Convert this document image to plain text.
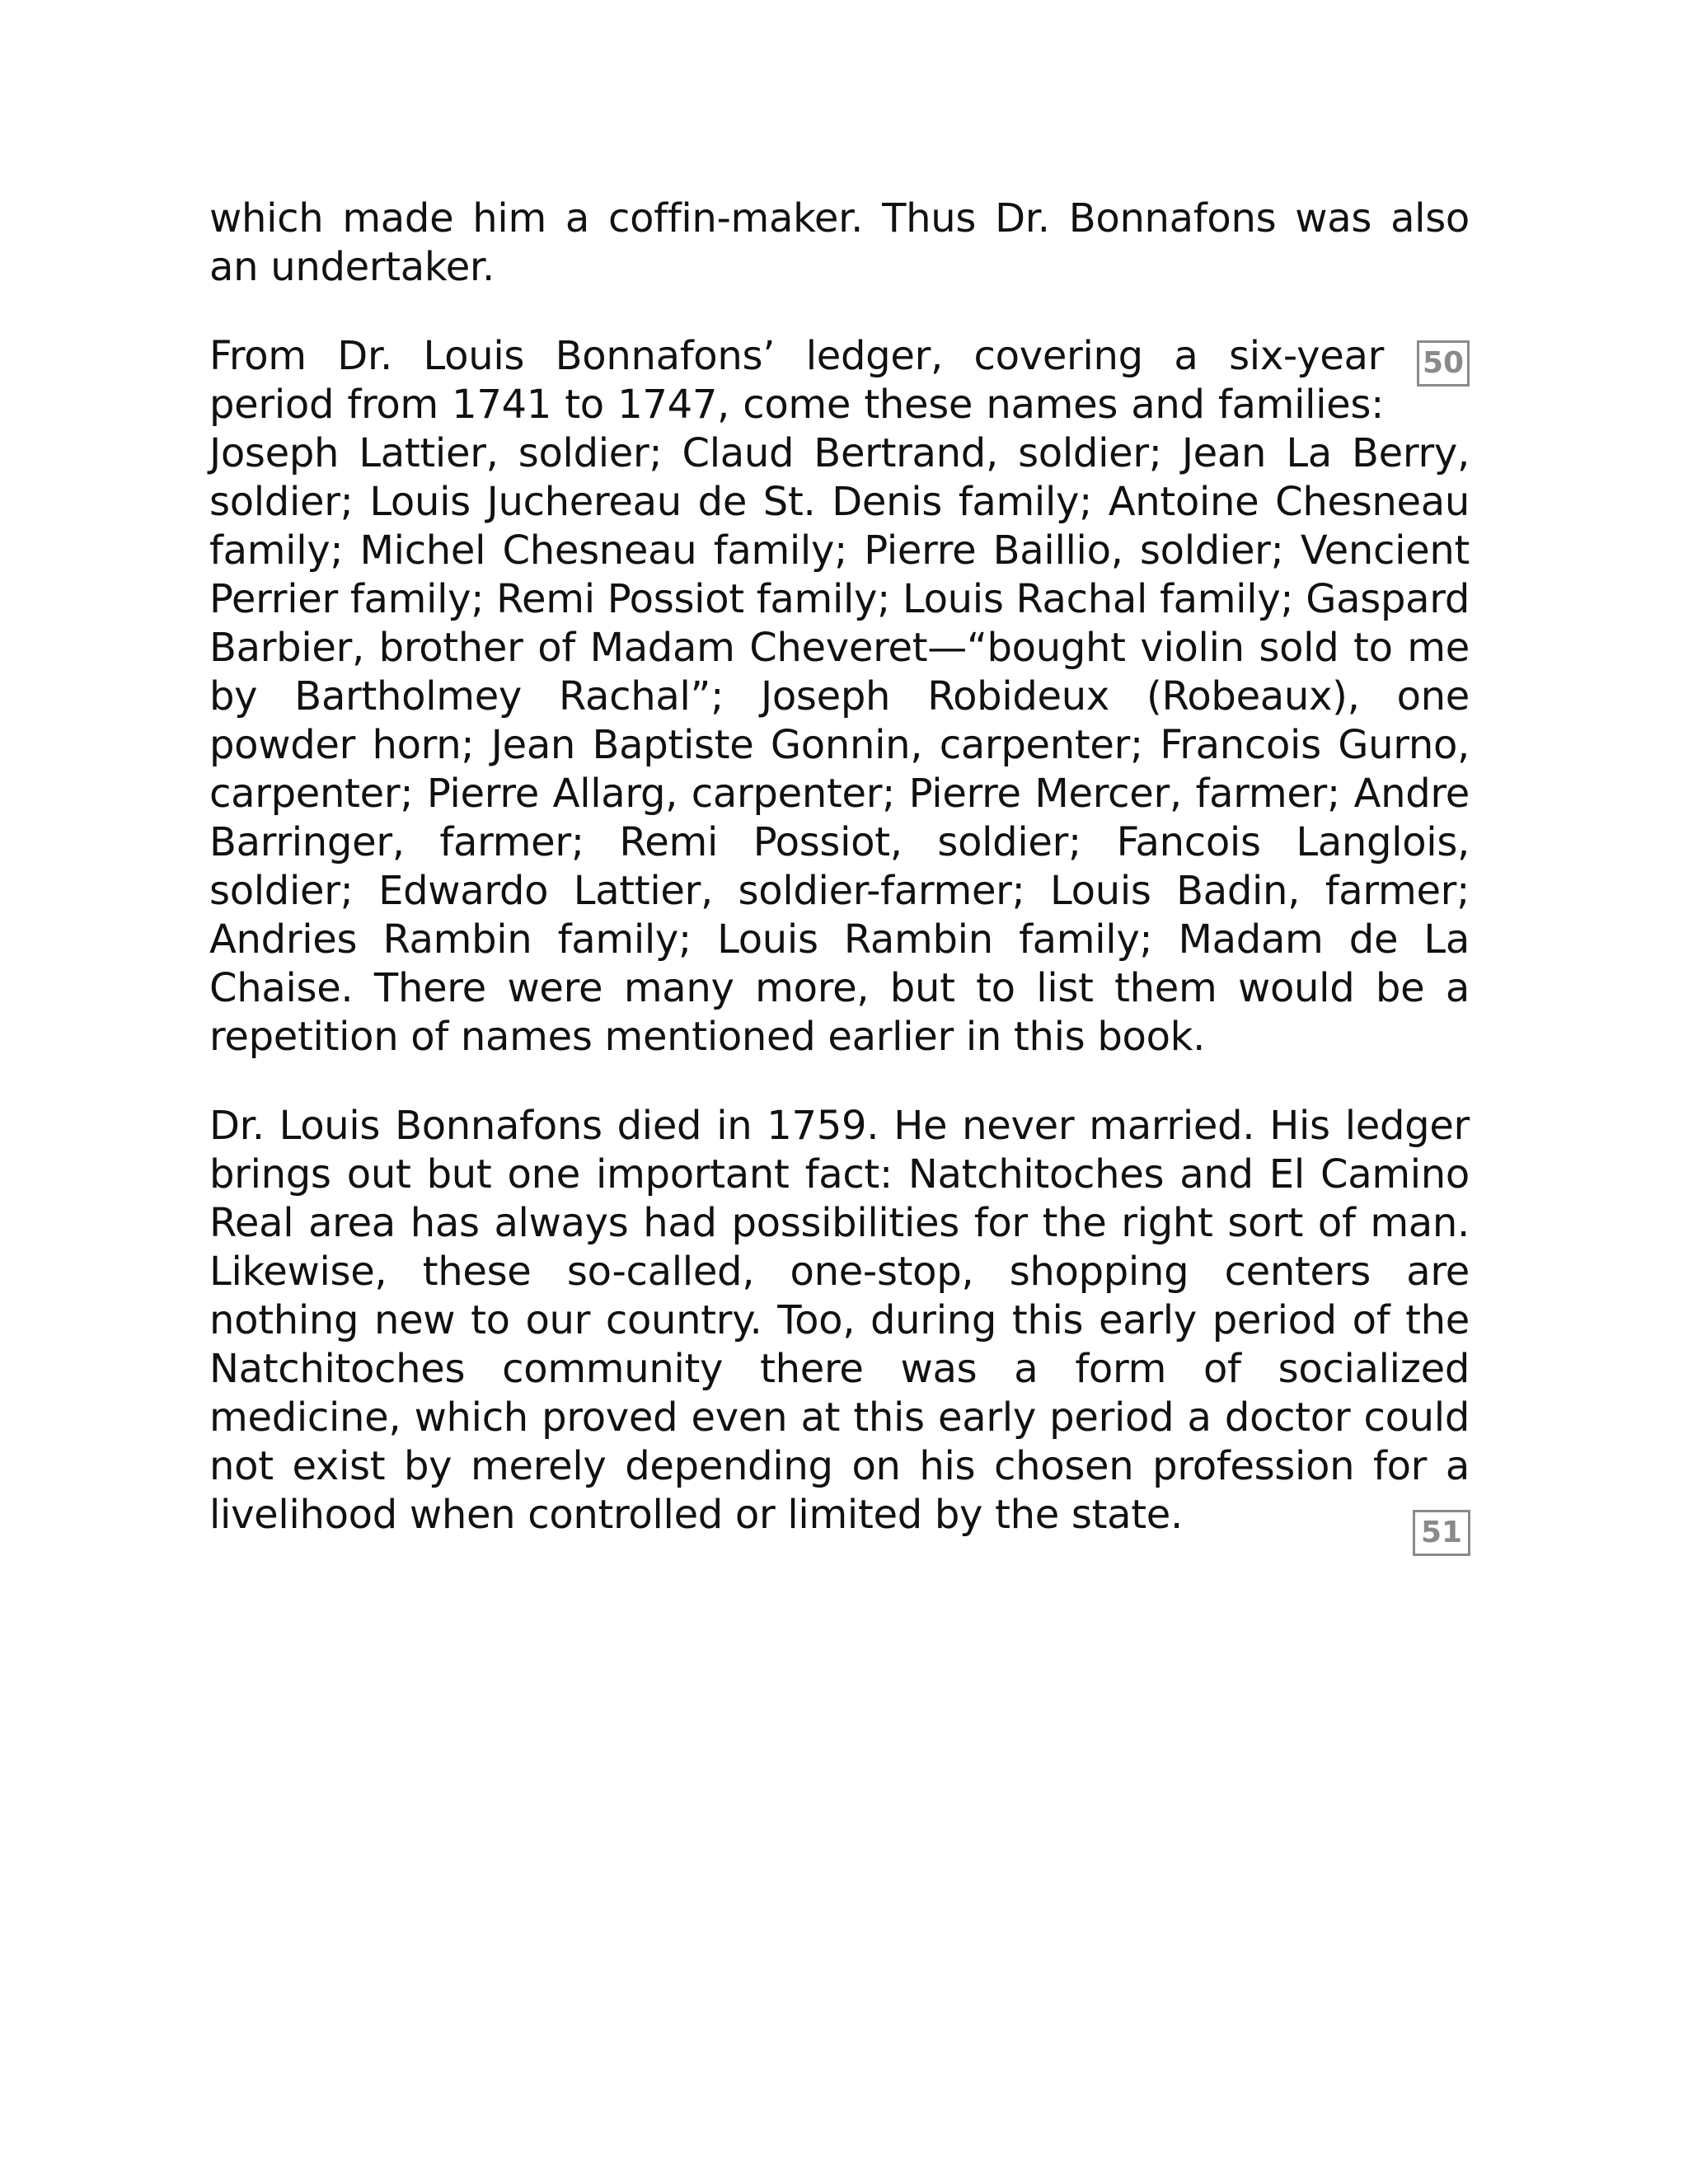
which made him a coffin-maker. Thus Dr. Bonnafons was also an undertaker.

50
From Dr. Louis Bonnafons’ ledger, covering a six-year period from 1741 to 1747, come these names and families: Joseph Lattier, soldier; Claud Bertrand, soldier; Jean La Berry, soldier; Louis Juchereau de St. Denis family; Antoine Chesneau family; Michel Chesneau family; Pierre Baillio, soldier; Vencient Perrier family; Remi Possiot family; Louis Rachal family; Gaspard Barbier, brother of Madam Cheveret—“bought violin sold to me by Bartholmey Rachal”; Joseph Robideux (Robeaux), one powder horn; Jean Baptiste Gonnin, carpenter; Francois Gurno, carpenter; Pierre Allarg, carpenter; Pierre Mercer, farmer; Andre Barringer, farmer; Remi Possiot, soldier; Fancois Langlois, soldier; Edwardo Lattier, soldier-farmer; Louis Badin, farmer; Andries Rambin family; Louis Rambin family; Madam de La Chaise. There were many more, but to list them would be a repetition of names mentioned earlier in this book.

Dr. Louis Bonnafons died in 1759. He never married. His ledger brings out but one important fact: Natchitoches and El Camino Real area has always had possibilities for the right sort of man. Likewise, these so-called, one-stop, shopping centers are nothing new to our country. Too, during this early period of the Natchitoches community there was a form of socialized medicine, which proved even at this early period a doctor could not exist by merely depending on his chosen profession for a livelihood when controlled or limited by the state.	51
